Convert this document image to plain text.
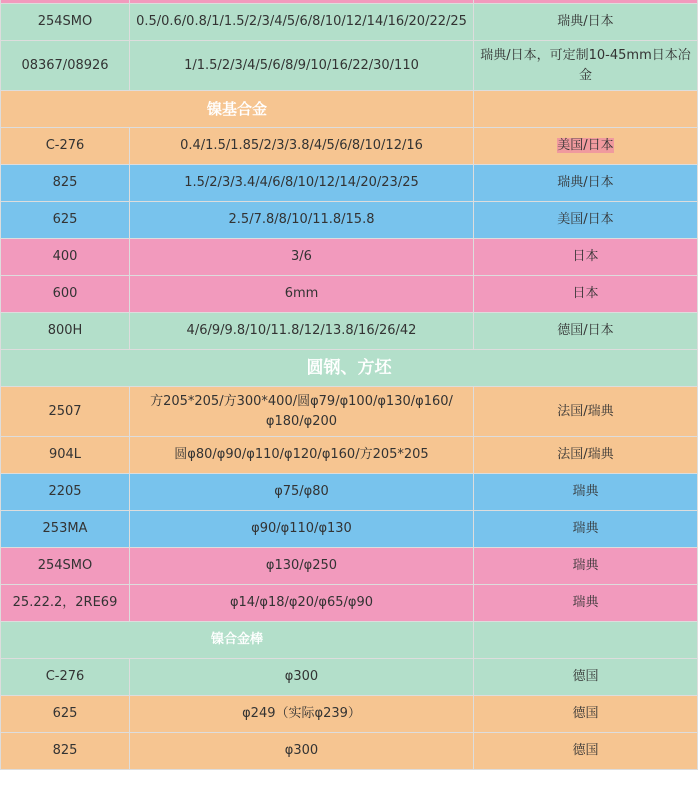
254SMO	0.5/0.6/0.8/1/1.5/2/3/4/5/6/8/10/12/14/16/20/22/25	瑞典/日本
08367/08926	1/1.5/2/3/4/5/6/8/9/10/16/22/30/110	瑞典/日本，可定制10-45mm日本冶金
镍基合金		
C-276	0.4/1.5/1.85/2/3/3.8/4/5/6/8/10/12/16	美国/日本
825	1.5/2/3/3.4/4/6/8/10/12/14/20/23/25	瑞典/日本
625	2.5/7.8/8/10/11.8/15.8	美国/日本
400	3/6	日本
600	6mm	日本
800H	4/6/9/9.8/10/11.8/12/13.8/16/26/42	德国/日本
圆钢、方坯		
2507	方205*205/方300*400/圆φ79/φ100/φ130/φ160/φ180/φ200	法国/瑞典
904L	圆φ80/φ90/φ110/φ120/φ160/方205*205	法国/瑞典
2205	φ75/φ80	瑞典
253MA	φ90/φ110/φ130	瑞典
254SMO	φ130/φ250	瑞典
25.22.2，2RE69	φ14/φ18/φ20/φ65/φ90	瑞典
镍合金棒		
C-276	φ300	德国
625	φ249（实际φ239）	德国
825	φ300	德国
